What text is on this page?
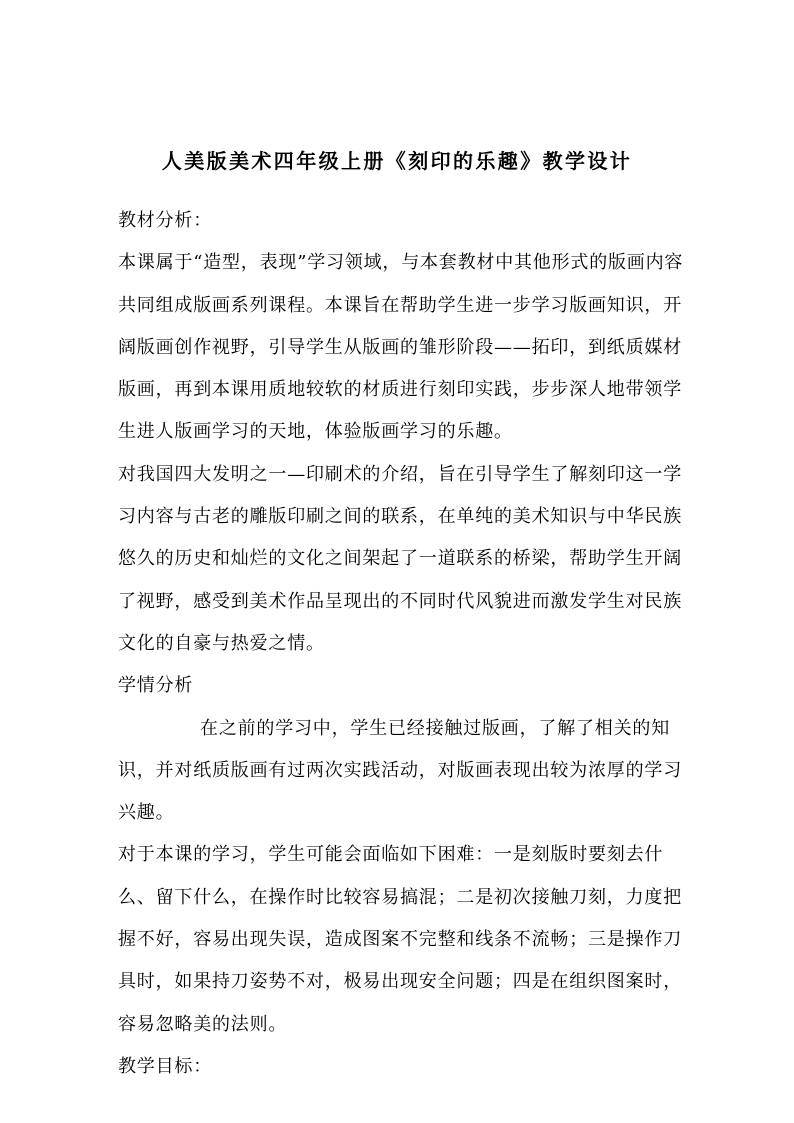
人美版美术四年级上册《刻印的乐趣》教学设计

教材分析：

本课属于“造型，表现”学习领域，与本套教材中其他形式的版画内容共同组成版画系列课程。本课旨在帮助学生进一步学习版画知识，开阔版画创作视野，引导学生从版画的雏形阶段——拓印，到纸质媒材版画，再到本课用质地较软的材质进行刻印实践，步步深人地带领学生进人版画学习的天地，体验版画学习的乐趣。

对我国四大发明之一—印刷术的介绍，旨在引导学生了解刻印这一学习内容与古老的雕版印刷之间的联系，在单纯的美术知识与中华民族悠久的历史和灿烂的文化之间架起了一道联系的桥梁，帮助学生开阔了视野，感受到美术作品呈现出的不同时代风貌进而激发学生对民族文化的自豪与热爱之情。

学情分析

在之前的学习中，学生已经接触过版画，了解了相关的知识，并对纸质版画有过两次实践活动，对版画表现出较为浓厚的学习兴趣。

对于本课的学习，学生可能会面临如下困难：一是刻版时要刻去什么、留下什么，在操作时比较容易搞混；二是初次接触刀刻，力度把握不好，容易出现失误，造成图案不完整和线条不流畅；三是操作刀具时，如果持刀姿势不对，极易出现安全问题；四是在组织图案时，容易忽略美的法则。

教学目标：
